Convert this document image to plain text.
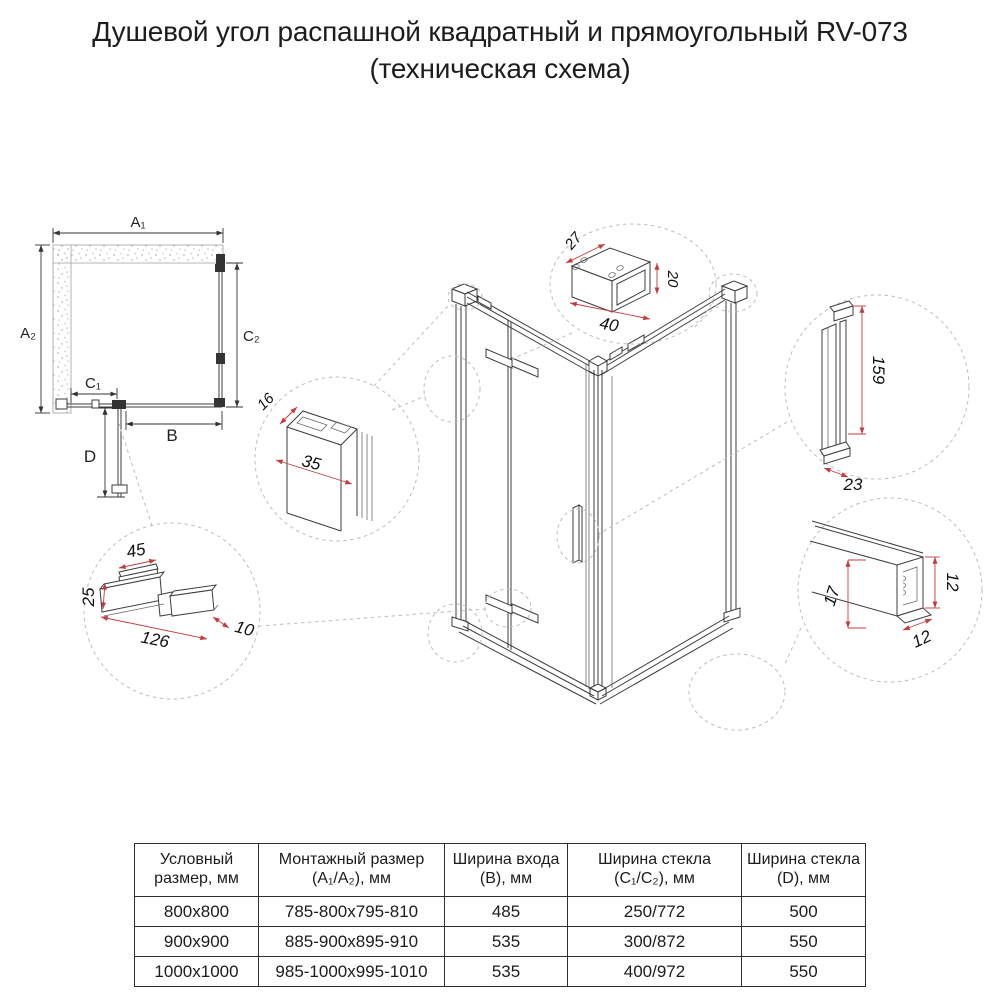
Душевой угол распашной квадратный и прямоугольный RV-073
(техническая схема)
A₁
A₂	C₂
C₁
B
D
27
40
20
16
35
45
25
126	10
159
23
17
12
12
Условный размер, мм	Монтажный размер (A₁/A₂), мм	Ширина входа (B), мм	Ширина стекла (C₁/C₂), мм	Ширина стекла (D), мм
800x800	785-800x795-810	485	250/772	500
900x900	885-900x895-910	535	300/872	550
1000x1000	985-1000x995-1010	535	400/972	550
